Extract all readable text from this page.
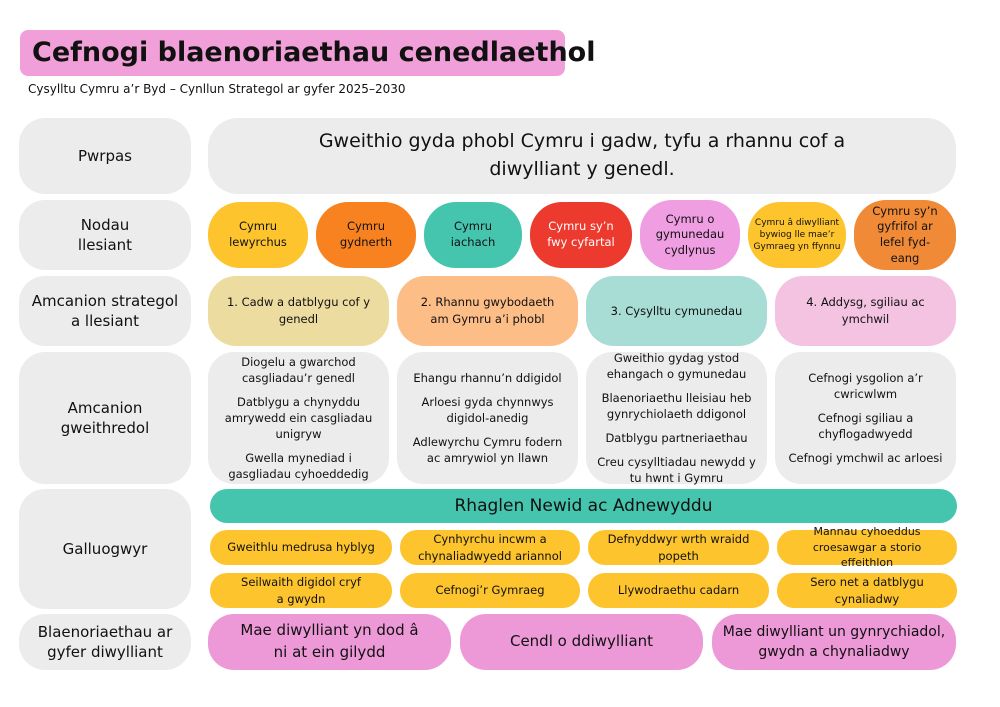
Cefnogi blaenoriaethau cenedlaethol
Cysylltu Cymru a’r Byd – Cynllun Strategol ar gyfer 2025–2030
Pwrpas
Nodau llesiant
Amcanion strategol a llesiant
Amcanion gweithredol
Galluogwyr
Blaenoriaethau ar gyfer diwylliant
Gweithio gyda phobl Cymru i gadw, tyfu a rhannu cof a diwylliant y genedl.
Cymru lewyrchus
Cymru gydnerth
Cymru iachach
Cymru sy’n fwy cyfartal
Cymru o gymunedau cydlynus
Cymru â diwylliant bywiog lle mae’r Gymraeg yn ffynnu
Cymru sy’n gyfrifol ar lefel fyd-eang
1. Cadw a datblygu cof y genedl
2. Rhannu gwybodaeth am Gymru a’i phobl
3. Cysylltu cymunedau
4. Addysg, sgiliau ac ymchwil
Diogelu a gwarchod casgliadau’r genedl
Datblygu a chynyddu amrywedd ein casgliadau unigryw
Gwella mynediad i gasgliadau cyhoeddedig
Ehangu rhannu’n ddigidol
Arloesi gyda chynnwys digidol-anedig
Adlewyrchu Cymru fodern ac amrywiol yn llawn
Gweithio gydag ystod ehangach o gymunedau
Blaenoriaethu lleisiau heb gynrychiolaeth ddigonol
Datblygu partneriaethau
Creu cysylltiadau newydd y tu hwnt i Gymru
Cefnogi ysgolion a’r cwricwlwm
Cefnogi sgiliau a chyflogadwyedd
Cefnogi ymchwil ac arloesi
Rhaglen Newid ac Adnewyddu
Gweithlu medrusa hyblyg
Cynhyrchu incwm a chynaliadwyedd ariannol
Defnyddwyr wrth wraidd popeth
Mannau cyhoeddus croesawgar a storio effeithlon
Seilwaith digidol cryf a gwydn
Cefnogi’r Gymraeg	Llywodraethu cadarn
Sero net a datblygu cynaliadwy
Mae diwylliant yn dod â ni at ein gilydd
Cendl o ddiwylliant
Mae diwylliant un gynrychiadol, gwydn a chynaliadwy
